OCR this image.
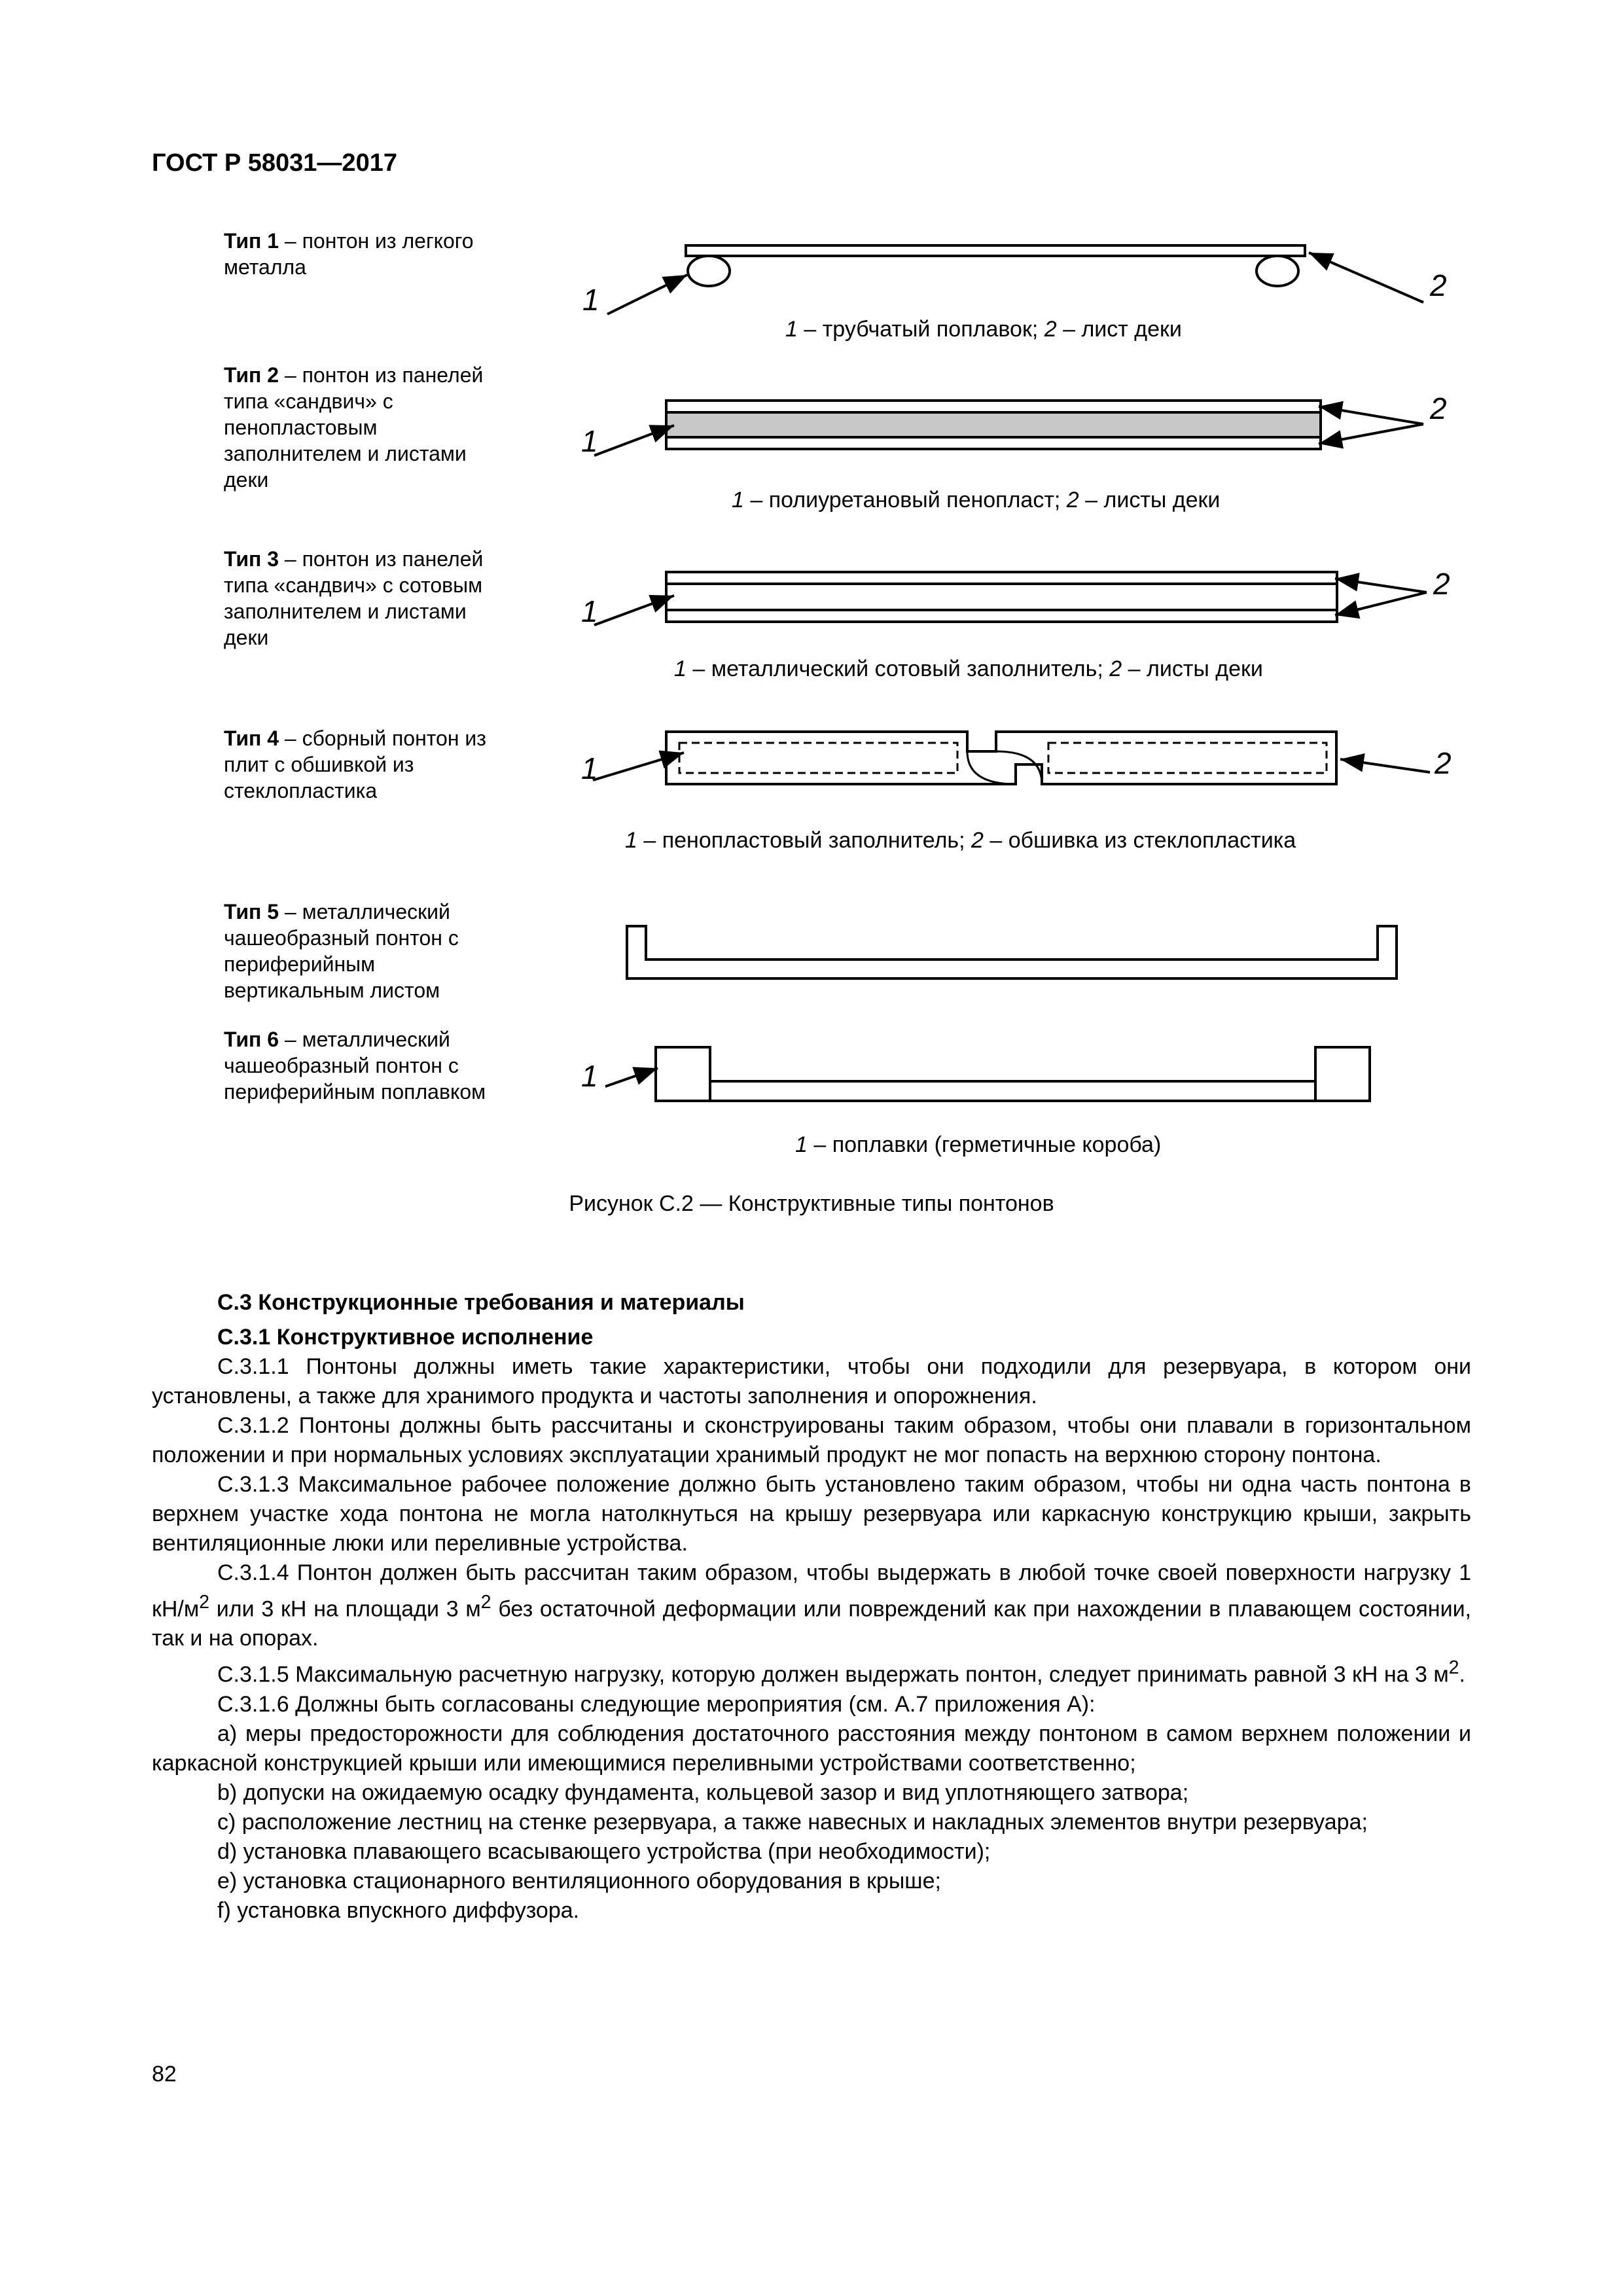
ГОСТ Р 58031—2017
Тип 1 – понтон из легкого металла
Тип 2 – понтон из панелей типа «сандвич» с пенопластовым заполнителем и листами деки
Тип 3 – понтон из панелей типа «сандвич» с сотовым заполнителем и листами деки
Тип 4 – сборный понтон из плит с обшивкой из стеклопластика
Тип 5 – металлический чашеобразный понтон с периферийным вертикальным листом
Тип 6 – металлический чашеобразный понтон с периферийным поплавком
1	2
1
2
1
2
1	2
1
1 – трубчатый поплавок; 2 – лист деки
1 – полиуретановый пенопласт; 2 – листы деки
1 – металлический сотовый заполнитель; 2 – листы деки
1 – пенопластовый заполнитель; 2 – обшивка из стеклопластика
1 – поплавки (герметичные короба)
Рисунок С.2 — Конструктивные типы понтонов

С.3 Конструкционные требования и материалы

С.3.1 Конструктивное исполнение

С.3.1.1 Понтоны должны иметь такие характеристики, чтобы они подходили для резервуара, в котором они установлены, а также для хранимого продукта и частоты заполнения и опорожнения.

С.3.1.2 Понтоны должны быть рассчитаны и сконструированы таким образом, чтобы они плавали в горизонтальном положении и при нормальных условиях эксплуатации хранимый продукт не мог попасть на верхнюю сторону понтона.

С.3.1.3 Максимальное рабочее положение должно быть установлено таким образом, чтобы ни одна часть понтона в верхнем участке хода понтона не могла натолкнуться на крышу резервуара или каркасную конструкцию крыши, закрыть вентиляционные люки или переливные устройства.

С.3.1.4 Понтон должен быть рассчитан таким образом, чтобы выдержать в любой точке своей поверхности нагрузку 1 $кН/м^2$ или 3 кН на площади 3 $м^2$ без остаточной деформации или повреждений как при нахождении в плавающем состоянии, так и на опорах.

С.3.1.5 Максимальную расчетную нагрузку, которую должен выдержать понтон, следует принимать равной 3 кН на 3 $м^2$.

С.3.1.6 Должны быть согласованы следующие мероприятия (см. А.7 приложения А):

а) меры предосторожности для соблюдения достаточного расстояния между понтоном в самом верхнем положении и каркасной конструкцией крыши или имеющимися переливными устройствами соответственно;

b) допуски на ожидаемую осадку фундамента, кольцевой зазор и вид уплотняющего затвора;

c) расположение лестниц на стенке резервуара, а также навесных и накладных элементов внутри резервуара;

d) установка плавающего всасывающего устройства (при необходимости);

e) установка стационарного вентиляционного оборудования в крыше;

f) установка впускного диффузора.

82
